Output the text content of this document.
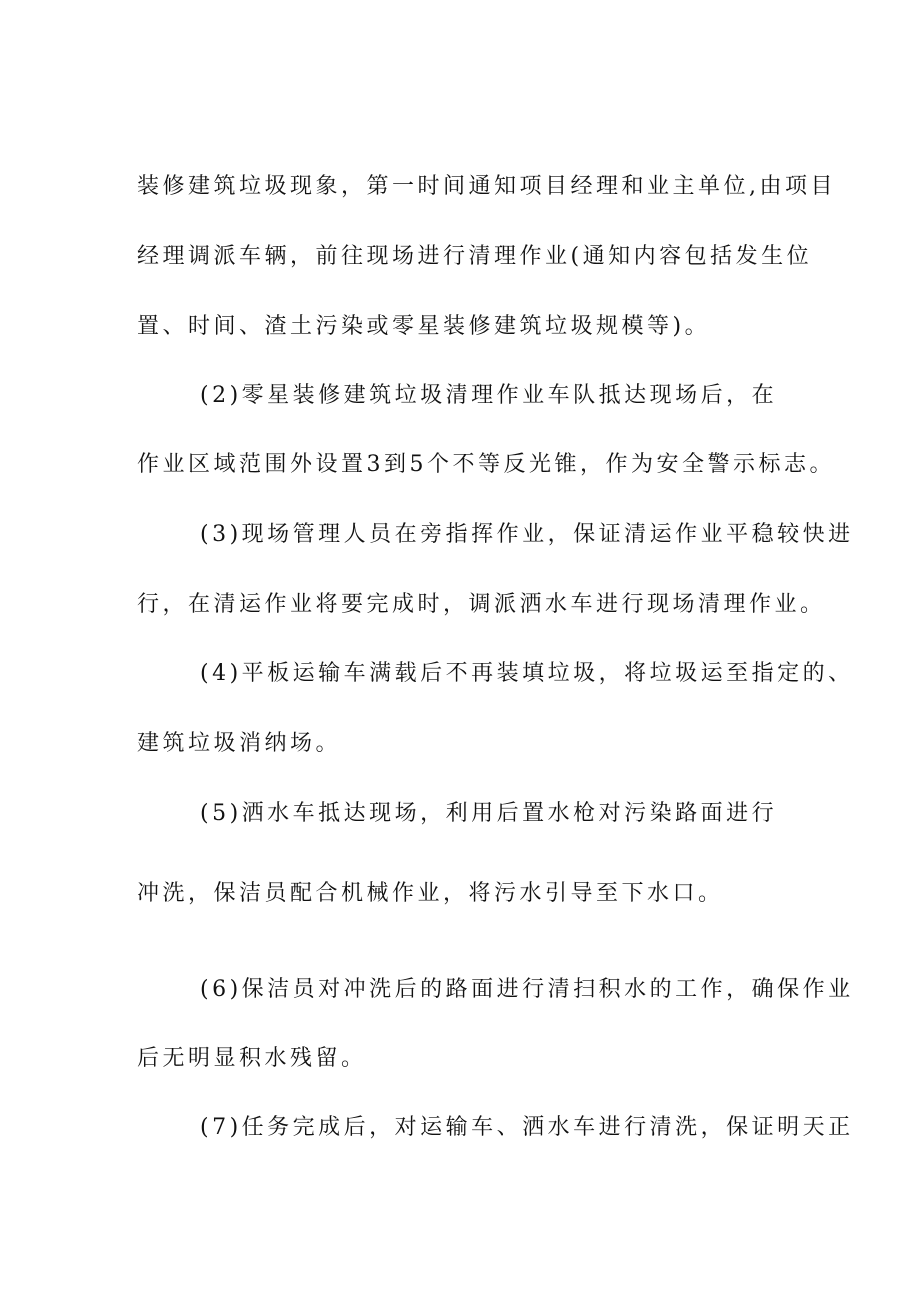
装修建筑垃圾现象，第一时间通知项目经理和业主单位,由项目

经理调派车辆，前往现场进行清理作业(通知内容包括发生位

置、时间、渣土污染或零星装修建筑垃圾规模等)。

(2)零星装修建筑垃圾清理作业车队抵达现场后，在

作业区域范围外设置3到5个不等反光锥，作为安全警示标志。

(3)现场管理人员在旁指挥作业，保证清运作业平稳较快进

行，在清运作业将要完成时，调派洒水车进行现场清理作业。

(4)平板运输车满载后不再装填垃圾，将垃圾运至指定的、

建筑垃圾消纳场。

(5)洒水车抵达现场，利用后置水枪对污染路面进行

冲洗，保洁员配合机械作业，将污水引导至下水口。

(6)保洁员对冲洗后的路面进行清扫积水的工作，确保作业

后无明显积水残留。

(7)任务完成后，对运输车、洒水车进行清洗，保证明天正
